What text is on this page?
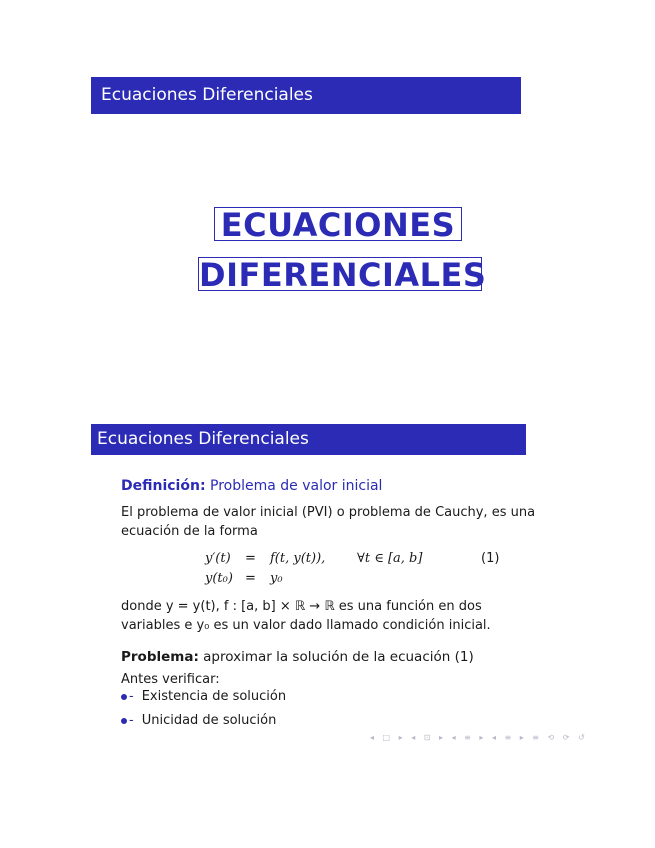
Ecuaciones Diferenciales
ECUACIONES
DIFERENCIALES
Ecuaciones Diferenciales
Definición: Problema de valor inicial
El problema de valor inicial (PVI) o problema de Cauchy, es una
ecuación de la forma
y′(t) = f(t, y(t)), ∀t ∈ [a, b]	(1)
y(t₀) = y₀
donde y = y(t), f : [a, b] × ℝ → ℝ es una función en dos
variables e y₀ es un valor dado llamado condición inicial.
Problema: aproximar la solución de la ecuación (1)
Antes verificar:
- Existencia de solución
- Unicidad de solución
◂ □ ▸ ◂ ⊡ ▸ ◂ ≡ ▸ ◂ ≡ ▸ ≡ ⟲ ⟳ ↺
